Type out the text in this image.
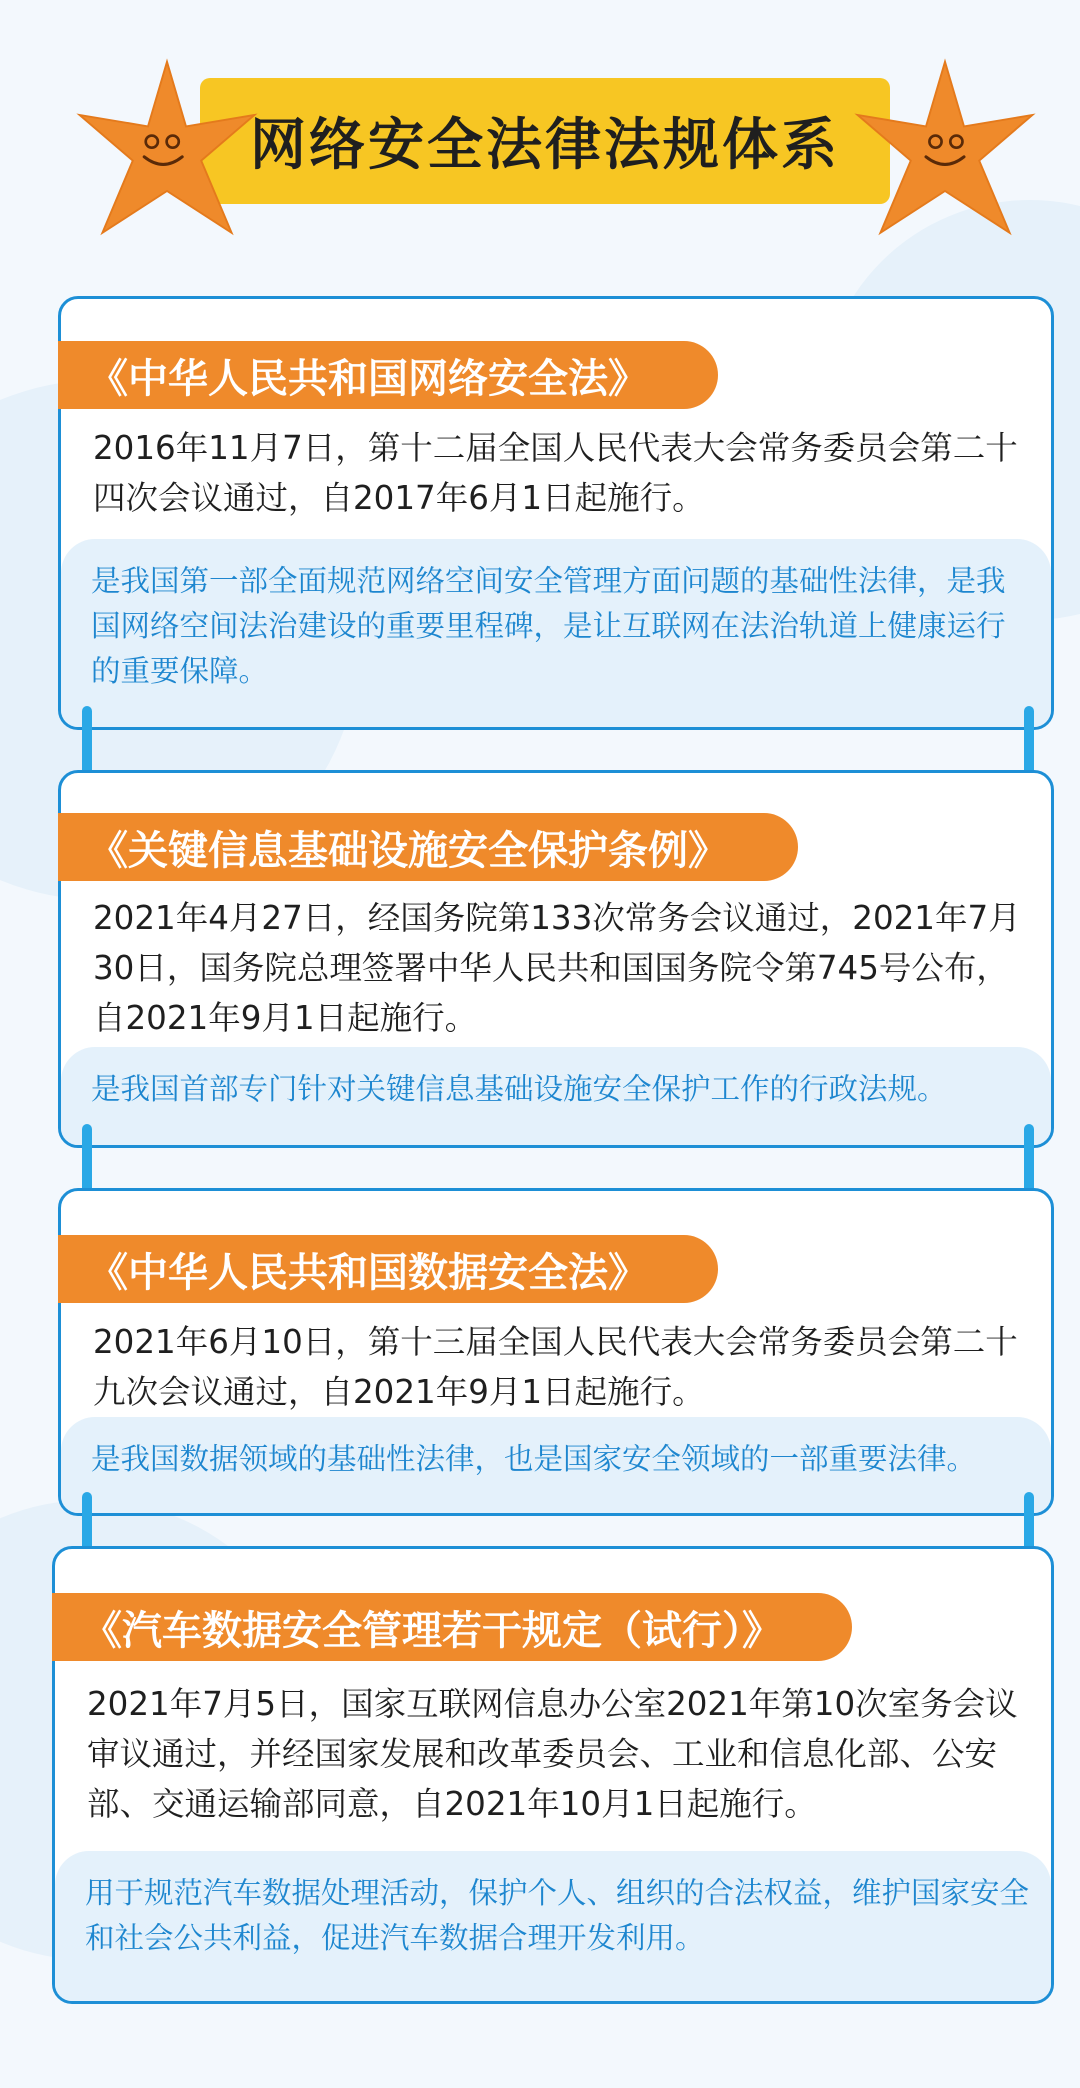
网络安全法律法规体系
《中华人民共和国网络安全法》
2016年11月7日，第十二届全国人民代表大会常务委员会第二十四次会议通过，自2017年6月1日起施行。
是我国第一部全面规范网络空间安全管理方面问题的基础性法律，是我国网络空间法治建设的重要里程碑，是让互联网在法治轨道上健康运行的重要保障。
《关键信息基础设施安全保护条例》
2021年4月27日，经国务院第133次常务会议通过，2021年7月30日，国务院总理签署中华人民共和国国务院令第745号公布，自2021年9月1日起施行。
是我国首部专门针对关键信息基础设施安全保护工作的行政法规。
《中华人民共和国数据安全法》
2021年6月10日，第十三届全国人民代表大会常务委员会第二十九次会议通过，自2021年9月1日起施行。
是我国数据领域的基础性法律，也是国家安全领域的一部重要法律。
《汽车数据安全管理若干规定（试行）》
2021年7月5日，国家互联网信息办公室2021年第10次室务会议审议通过，并经国家发展和改革委员会、工业和信息化部、公安部、交通运输部同意，自2021年10月1日起施行。
用于规范汽车数据处理活动，保护个人、组织的合法权益，维护国家安全和社会公共利益，促进汽车数据合理开发利用。
